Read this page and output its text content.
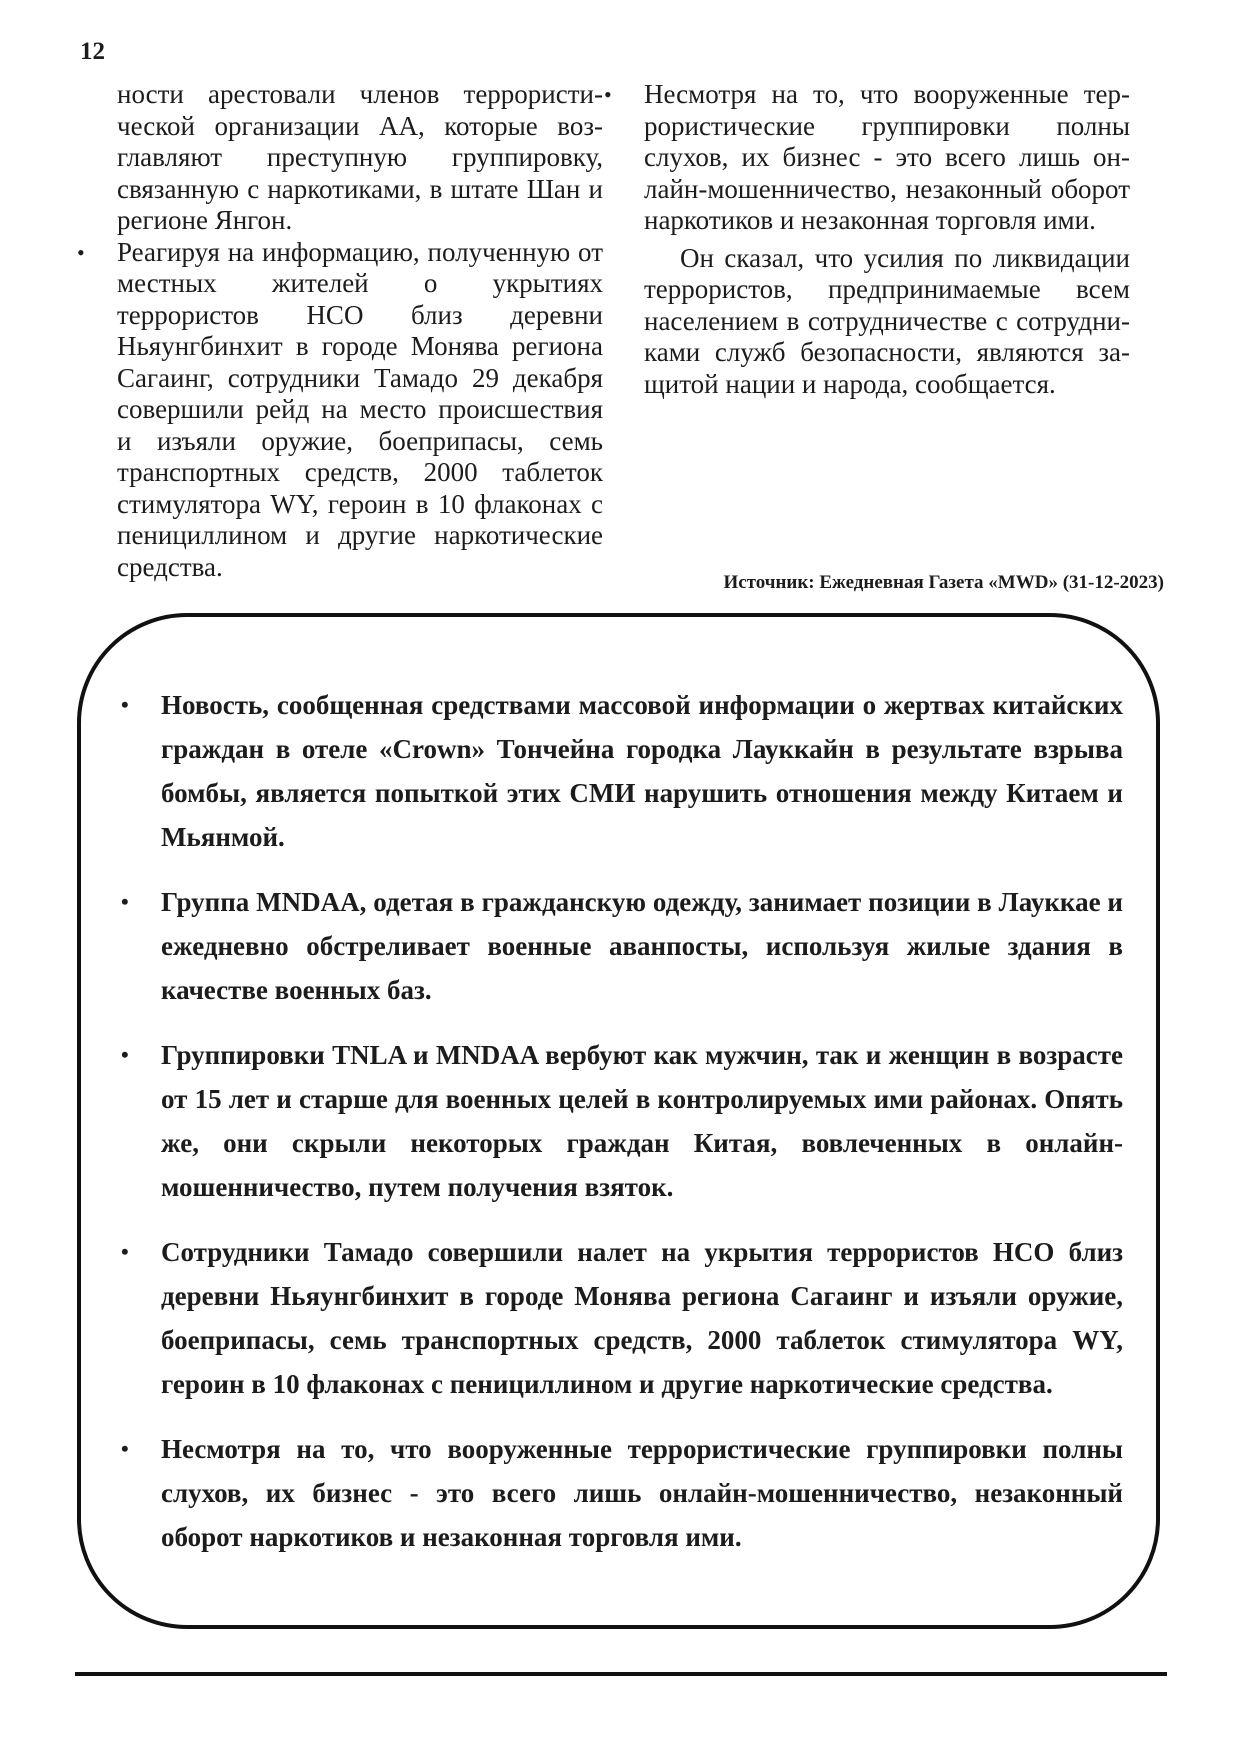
12

ности арестовали членов террористической организации АА, которые возглавляют преступную группировку, связанную с наркотиками, в штате Шан и регионе Янгон.

• Реагируя на информацию, полученную от местных жителей о укрытиях террористов НСО близ деревни Ньяунгбинхит в городе Монява региона Сагаинг, сотрудники Тамадо 29 декабря совершили рейд на место происшествия и изъяли оружие, боеприпасы, семь транспортных средств, 2000 таблеток стимулятора WY, героин в 10 флаконах с пенициллином и другие наркотические средства.
• Несмотря на то, что вооруженные террористические группировки полны слухов, их бизнес - это всего лишь онлайн-мошенничество, незаконный оборот наркотиков и незаконная торговля ими.

Он сказал, что усилия по ликвидации террористов, предпринимаемые всем населением в сотрудничестве с сотрудниками служб безопасности, являются защитой нации и народа, сообщается.

Источник: Ежедневная Газета «MWD» (31-12-2023)
• Новость, сообщенная средствами массовой информации о жертвах китайских граждан в отеле «Crown» Тончейна городка Лауккайн в результате взрыва бомбы, является попыткой этих СМИ нарушить отношения между Китаем и Мьянмой.
• Группа MNDAA, одетая в гражданскую одежду, занимает позиции в Лауккае и ежедневно обстреливает военные аванпосты, используя жилые здания в качестве военных баз.
• Группировки TNLA и MNDAA вербуют как мужчин, так и женщин в возрасте от 15 лет и старше для военных целей в контролируемых ими районах. Опять же, они скрыли некоторых граждан Китая, вовлеченных в онлайн-мошенничество, путем получения взяток.
• Сотрудники Тамадо совершили налет на укрытия террористов НСО близ деревни Ньяунгбинхит в городе Монява региона Сагаинг и изъяли оружие, боеприпасы, семь транспортных средств, 2000 таблеток стимулятора WY, героин в 10 флаконах с пенициллином и другие наркотические средства.
• Несмотря на то, что вооруженные террористические группировки полны слухов, их бизнес - это всего лишь онлайн-мошенничество, незаконный оборот наркотиков и незаконная торговля ими.
